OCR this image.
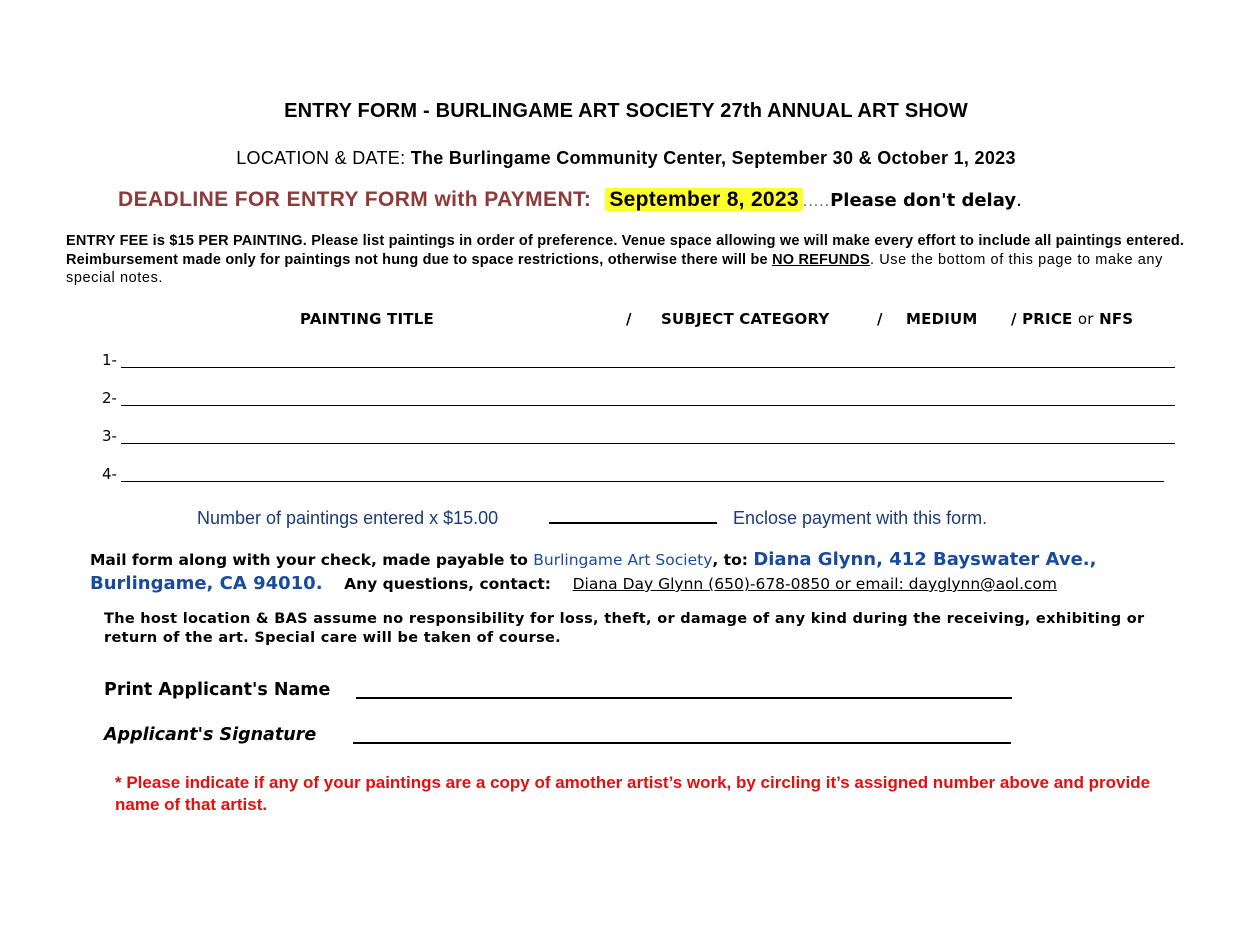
ENTRY FORM - BURLINGAME ART SOCIETY 27th ANNUAL ART SHOW
LOCATION & DATE: The Burlingame Community Center, September 30 & October 1, 2023
DEADLINE FOR ENTRY FORM with PAYMENT: September 8, 2023 .....Please don't delay.
ENTRY FEE is $15 PER PAINTING. Please list paintings in order of preference. Venue space allowing we will make every effort to include all paintings entered. Reimbursement made only for paintings not hung due to space restrictions, otherwise there will be NO REFUNDS. Use the bottom of this page to make any special notes.
PAINTING TITLE	/ SUBJECT CATEGORY	/ MEDIUM / PRICE or NFS
1-
2-
3-
4-
Number of paintings entered x $15.00	Enclose payment with this form.
Mail form along with your check, made payable to Burlingame Art Society, to: Diana Glynn, 412 Bayswater Ave.,
Burlingame, CA 94010. Any questions, contact: Diana Day Glynn (650)-678-0850 or email: dayglynn@aol.com
The host location & BAS assume no responsibility for loss, theft, or damage of any kind during the receiving, exhibiting or return of the art. Special care will be taken of course.
Print Applicant's Name
Applicant's Signature
* Please indicate if any of your paintings are a copy of amother artist’s work, by circling it’s assigned number above and provide name of that artist.
